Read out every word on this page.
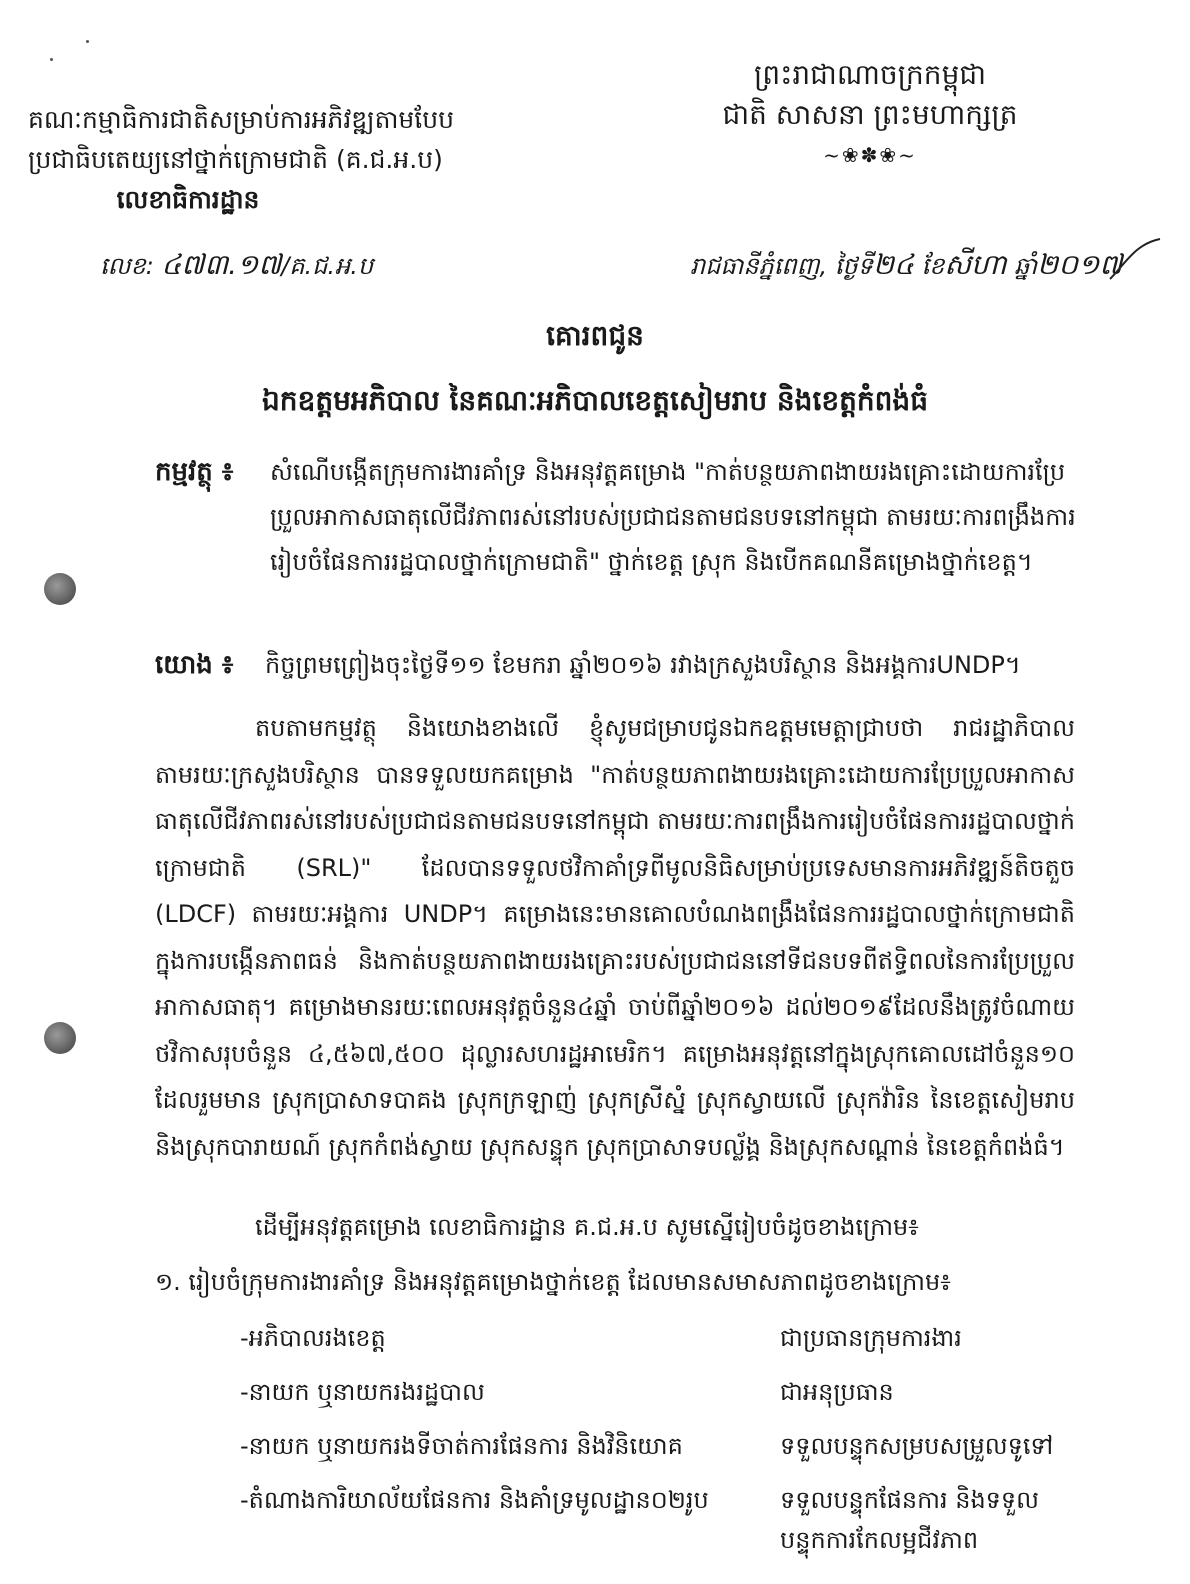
គណៈកម្មាធិការជាតិសម្រាប់ការអភិវឌ្ឍតាមបែប
ប្រជាធិបតេយ្យនៅថ្នាក់ក្រោមជាតិ (គ.ជ.អ.ប)
លេខាធិការដ្ឋាន
ព្រះរាជាណាចក្រកម្ពុជា
ជាតិ សាសនា ព្រះមហាក្សត្រ
~❀✽❀~
លេខ: ៤៧៣.១៧/គ.ជ.អ.ប	រាជធានីភ្នំពេញ, ថ្ងៃទី២៤ ខែសីហា ឆ្នាំ២០១៧
គោរពជូន
ឯកឧត្តមអភិបាល នៃគណៈអភិបាលខេត្តសៀមរាប និងខេត្តកំពង់ធំ
កម្មវត្ថុ ៖ សំណើបង្កើតក្រុមការងារគាំទ្រ និងអនុវត្តគម្រោង "កាត់បន្ថយភាពងាយរងគ្រោះដោយការប្រែប្រួលអាកាសធាតុលើជីវភាពរស់នៅរបស់ប្រជាជនតាមជនបទនៅកម្ពុជា តាមរយៈការពង្រឹងការរៀបចំផែនការរដ្ឋបាលថ្នាក់ក្រោមជាតិ" ថ្នាក់ខេត្ត ស្រុក និងបើកគណនីគម្រោងថ្នាក់ខេត្ត។
យោង ៖ កិច្ចព្រមព្រៀងចុះថ្ងៃទី១១ ខែមករា ឆ្នាំ២០១៦ រវាងក្រសួងបរិស្ថាន និងអង្គការUNDP។
តបតាមកម្មវត្ថុ និងយោងខាងលើ ខ្ញុំសូមជម្រាបជូនឯកឧត្តមមេត្តាជ្រាបថា រាជរដ្ឋាភិបាលតាមរយៈក្រសួងបរិស្ថាន បានទទួលយកគម្រោង "កាត់បន្ថយភាពងាយរងគ្រោះដោយការប្រែប្រួលអាកាសធាតុលើជីវភាពរស់នៅរបស់ប្រជាជនតាមជនបទនៅកម្ពុជា តាមរយៈការពង្រឹងការរៀបចំផែនការរដ្ឋបាលថ្នាក់ក្រោមជាតិ (SRL)" ដែលបានទទួលថវិកាគាំទ្រពីមូលនិធិសម្រាប់ប្រទេសមានការអភិវឌ្ឍន៍តិចតួច (LDCF) តាមរយៈអង្គការ UNDP។ គម្រោងនេះមានគោលបំណងពង្រឹងផែនការរដ្ឋបាលថ្នាក់ក្រោមជាតិ ក្នុងការបង្កើនភាពធន់ និងកាត់បន្ថយភាពងាយរងគ្រោះរបស់ប្រជាជននៅទីជនបទពីឥទ្ធិពលនៃការប្រែប្រួលអាកាសធាតុ។ គម្រោងមានរយៈពេលអនុវត្តចំនួន៤ឆ្នាំ ចាប់ពីឆ្នាំ២០១៦ ដល់២០១៩ដែលនឹងត្រូវចំណាយថវិកាសរុបចំនួន ៤,៥៦៧,៥០០ ដុល្លារសហរដ្ឋអាមេរិក។ គម្រោងអនុវត្តនៅក្នុងស្រុកគោលដៅចំនួន១០ ដែលរួមមាន ស្រុកប្រាសាទបាគង ស្រុកក្រឡាញ់ ស្រុកស្រីស្នំ ស្រុកស្វាយលើ ស្រុកវ៉ារិន នៃខេត្តសៀមរាប និងស្រុកបារាយណ៍ ស្រុកកំពង់ស្វាយ ស្រុកសន្ទុក ស្រុកប្រាសាទបល្ល័ង្គ និងស្រុកសណ្តាន់ នៃខេត្តកំពង់ធំ។
ដើម្បីអនុវត្តគម្រោង លេខាធិការដ្ឋាន គ.ជ.អ.ប សូមស្នើរៀបចំដូចខាងក្រោម៖
១. រៀបចំក្រុមការងារគាំទ្រ និងអនុវត្តគម្រោងថ្នាក់ខេត្ត ដែលមានសមាសភាពដូចខាងក្រោម៖
-អភិបាលរងខេត្ត	ជាប្រធានក្រុមការងារ
-នាយក ឬនាយករងរដ្ឋបាល	ជាអនុប្រធាន
-នាយក ឬនាយករងទីចាត់ការផែនការ និងវិនិយោគ	ទទួលបន្ទុកសម្របសម្រួលទូទៅ
-តំណាងការិយាល័យផែនការ និងគាំទ្រមូលដ្ឋាន០២រូប	ទទួលបន្ទុកផែនការ និងទទួលបន្ទុកការកែលម្អជីវភាព
